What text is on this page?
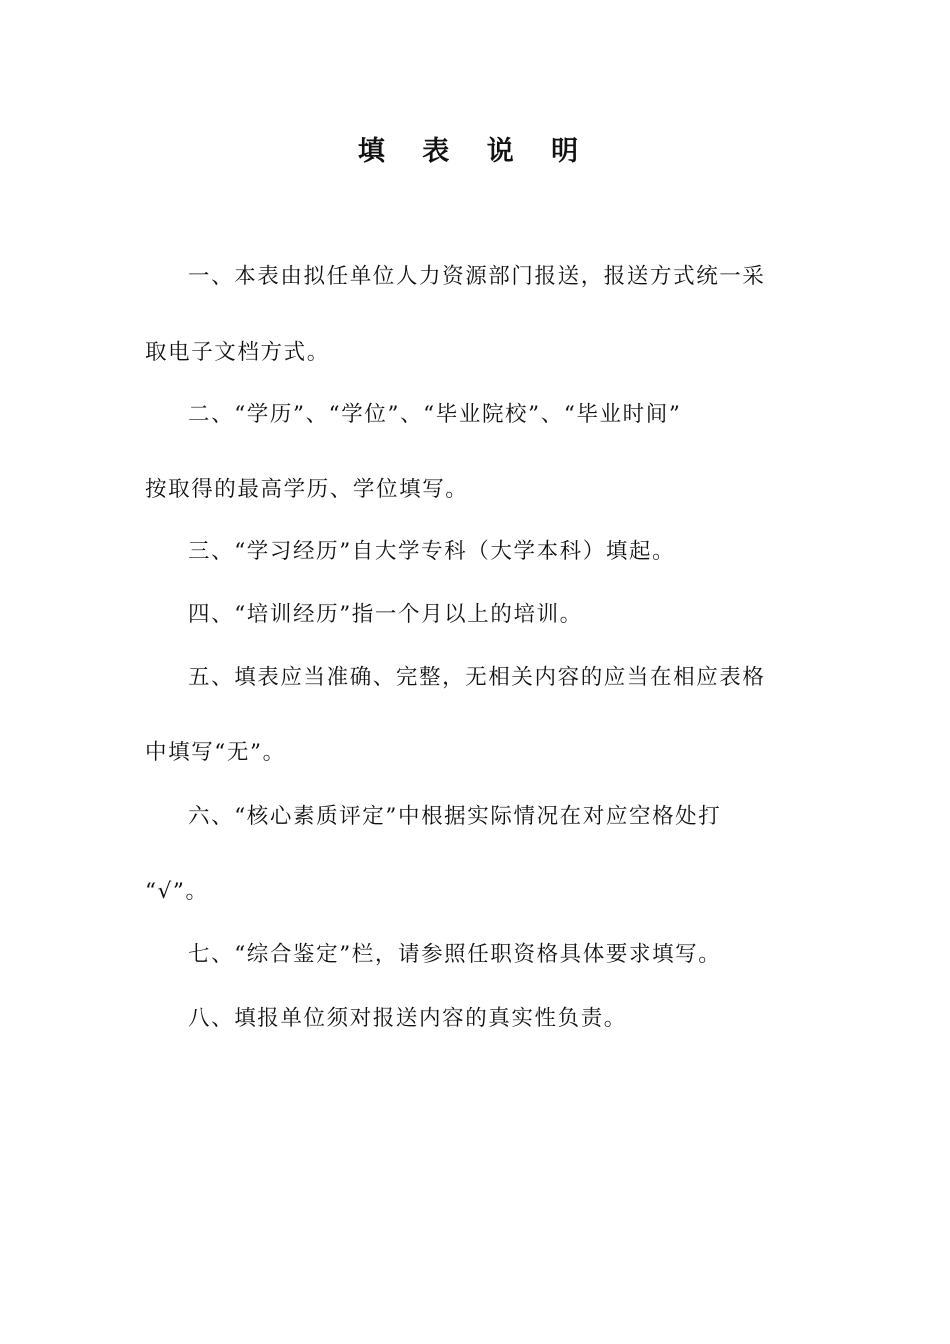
填 表 说 明
一、本表由拟任单位人力资源部门报送，报送方式统一采
取电子文档方式。
二、“学历”、“学位”、“毕业院校”、“毕业时间”
按取得的最高学历、学位填写。
三、“学习经历”自大学专科（大学本科）填起。
四、“培训经历”指一个月以上的培训。
五、填表应当准确、完整，无相关内容的应当在相应表格
中填写“无”。
六、“核心素质评定”中根据实际情况在对应空格处打
“√”。
七、“综合鉴定”栏，请参照任职资格具体要求填写。
八、填报单位须对报送内容的真实性负责。
